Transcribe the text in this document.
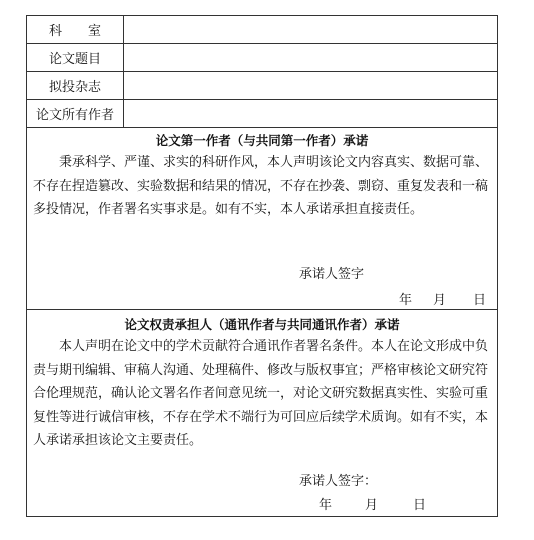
科　　室
论文题目
拟投杂志
论文所有作者
论文第一作者（与共同第一作者）承诺
秉承科学、严谨、求实的科研作风，本人声明该论文内容真实、数据可靠、不存在捏造篡改、实验数据和结果的情况，不存在抄袭、剽窃、重复发表和一稿多投情况，作者署名实事求是。如有不实，本人承诺承担直接责任。
承诺人签字
年 月 日
论文权责承担人（通讯作者与共同通讯作者）承诺
本人声明在论文中的学术贡献符合通讯作者署名条件。本人在论文形成中负责与期刊编辑、审稿人沟通、处理稿件、修改与版权事宜；严格审核论文研究符合伦理规范，确认论文署名作者间意见统一，对论文研究数据真实性、实验可重复性等进行诚信审核，不存在学术不端行为可回应后续学术质询。如有不实，本人承诺承担该论文主要责任。
承诺人签字：
年	月	日
